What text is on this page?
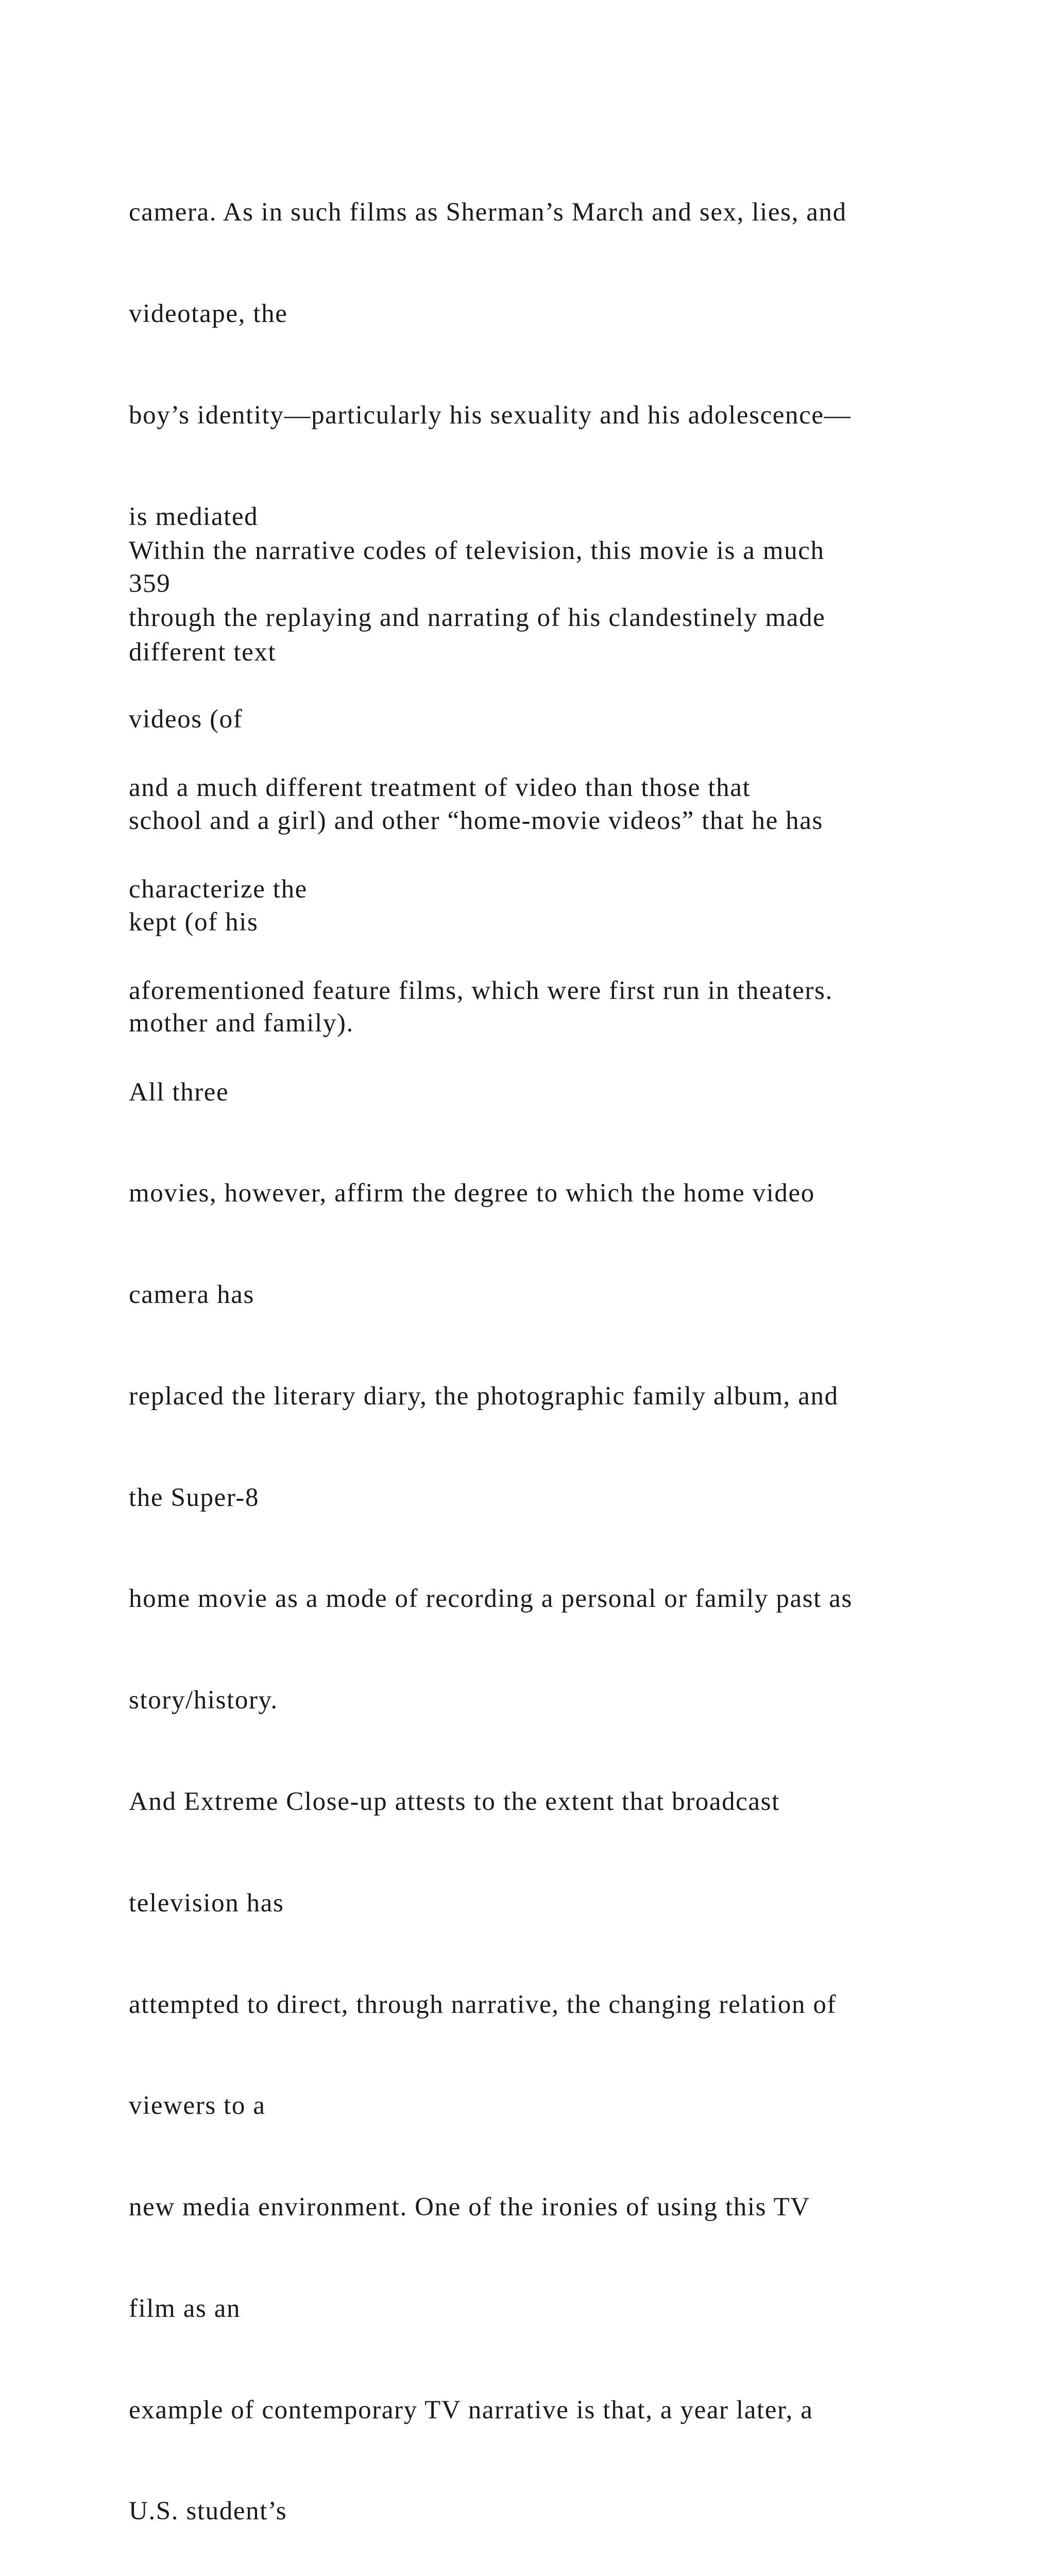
camera. As in such films as Sherman’s March and sex, lies, and

videotape, the

boy’s identity—particularly his sexuality and his adolescence—

is mediated

through the replaying and narrating of his clandestinely made

videos (of

school and a girl) and other “home-movie videos” that he has

kept (of his

mother and family).

Within the narrative codes of television, this movie is a much

different text

359

and a much different treatment of video than those that

characterize the

aforementioned feature films, which were first run in theaters.

All three

movies, however, affirm the degree to which the home video

camera has

replaced the literary diary, the photographic family album, and

the Super-8

home movie as a mode of recording a personal or family past as

story/history.

And Extreme Close-up attests to the extent that broadcast

television has

attempted to direct, through narrative, the changing relation of

viewers to a

new media environment. One of the ironies of using this TV

film as an

example of contemporary TV narrative is that, a year later, a

U.S. student’s
